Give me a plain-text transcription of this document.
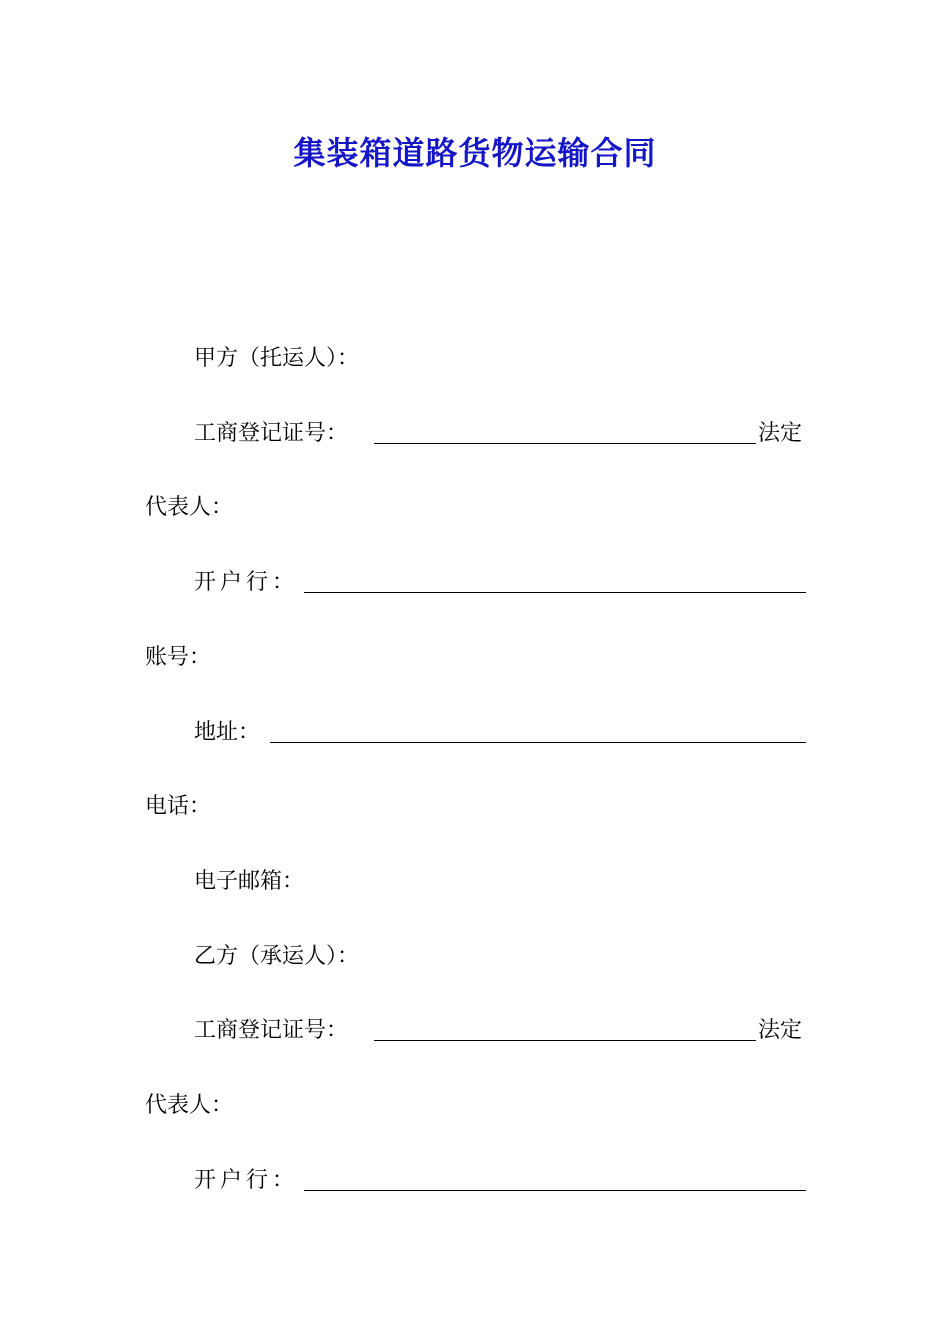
集装箱道路货物运输合同
甲方（托运人）：
工商登记证号：	法定
代表人：
开户行：
账号：
地址：
电话：
电子邮箱：
乙方（承运人）：
工商登记证号：	法定
代表人：
开户行：
